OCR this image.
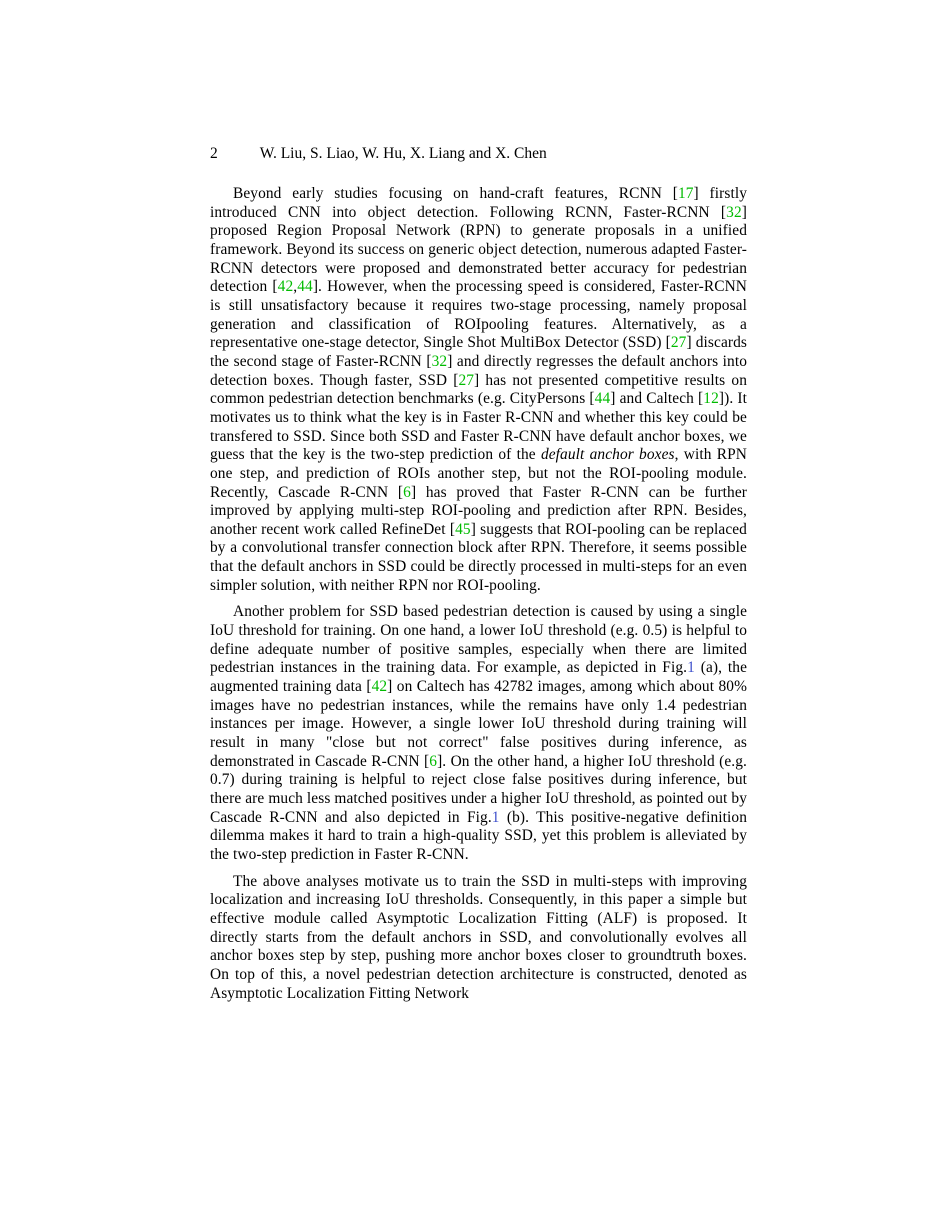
2	W. Liu, S. Liao, W. Hu, X. Liang and X. Chen

Beyond early studies focusing on hand-craft features, RCNN [17] firstly introduced CNN into object detection. Following RCNN, Faster-RCNN [32] proposed Region Proposal Network (RPN) to generate proposals in a unified framework. Beyond its success on generic object detection, numerous adapted Faster-RCNN detectors were proposed and demonstrated better accuracy for pedestrian detection [42,44]. However, when the processing speed is considered, Faster-RCNN is still unsatisfactory because it requires two-stage processing, namely proposal generation and classification of ROIpooling features. Alternatively, as a representative one-stage detector, Single Shot MultiBox Detector (SSD) [27] discards the second stage of Faster-RCNN [32] and directly regresses the default anchors into detection boxes. Though faster, SSD [27] has not presented competitive results on common pedestrian detection benchmarks (e.g. CityPersons [44] and Caltech [12]). It motivates us to think what the key is in Faster R-CNN and whether this key could be transfered to SSD. Since both SSD and Faster R-CNN have default anchor boxes, we guess that the key is the two-step prediction of the default anchor boxes, with RPN one step, and prediction of ROIs another step, but not the ROI-pooling module. Recently, Cascade R-CNN [6] has proved that Faster R-CNN can be further improved by applying multi-step ROI-pooling and prediction after RPN. Besides, another recent work called RefineDet [45] suggests that ROI-pooling can be replaced by a convolutional transfer connection block after RPN. Therefore, it seems possible that the default anchors in SSD could be directly processed in multi-steps for an even simpler solution, with neither RPN nor ROI-pooling.

Another problem for SSD based pedestrian detection is caused by using a single IoU threshold for training. On one hand, a lower IoU threshold (e.g. 0.5) is helpful to define adequate number of positive samples, especially when there are limited pedestrian instances in the training data. For example, as depicted in Fig.1 (a), the augmented training data [42] on Caltech has 42782 images, among which about 80% images have no pedestrian instances, while the remains have only 1.4 pedestrian instances per image. However, a single lower IoU threshold during training will result in many "close but not correct" false positives during inference, as demonstrated in Cascade R-CNN [6]. On the other hand, a higher IoU threshold (e.g. 0.7) during training is helpful to reject close false positives during inference, but there are much less matched positives under a higher IoU threshold, as pointed out by Cascade R-CNN and also depicted in Fig.1 (b). This positive-negative definition dilemma makes it hard to train a high-quality SSD, yet this problem is alleviated by the two-step prediction in Faster R-CNN.

The above analyses motivate us to train the SSD in multi-steps with improving localization and increasing IoU thresholds. Consequently, in this paper a simple but effective module called Asymptotic Localization Fitting (ALF) is proposed. It directly starts from the default anchors in SSD, and convolutionally evolves all anchor boxes step by step, pushing more anchor boxes closer to groundtruth boxes. On top of this, a novel pedestrian detection architecture is constructed, denoted as Asymptotic Localization Fitting Network
